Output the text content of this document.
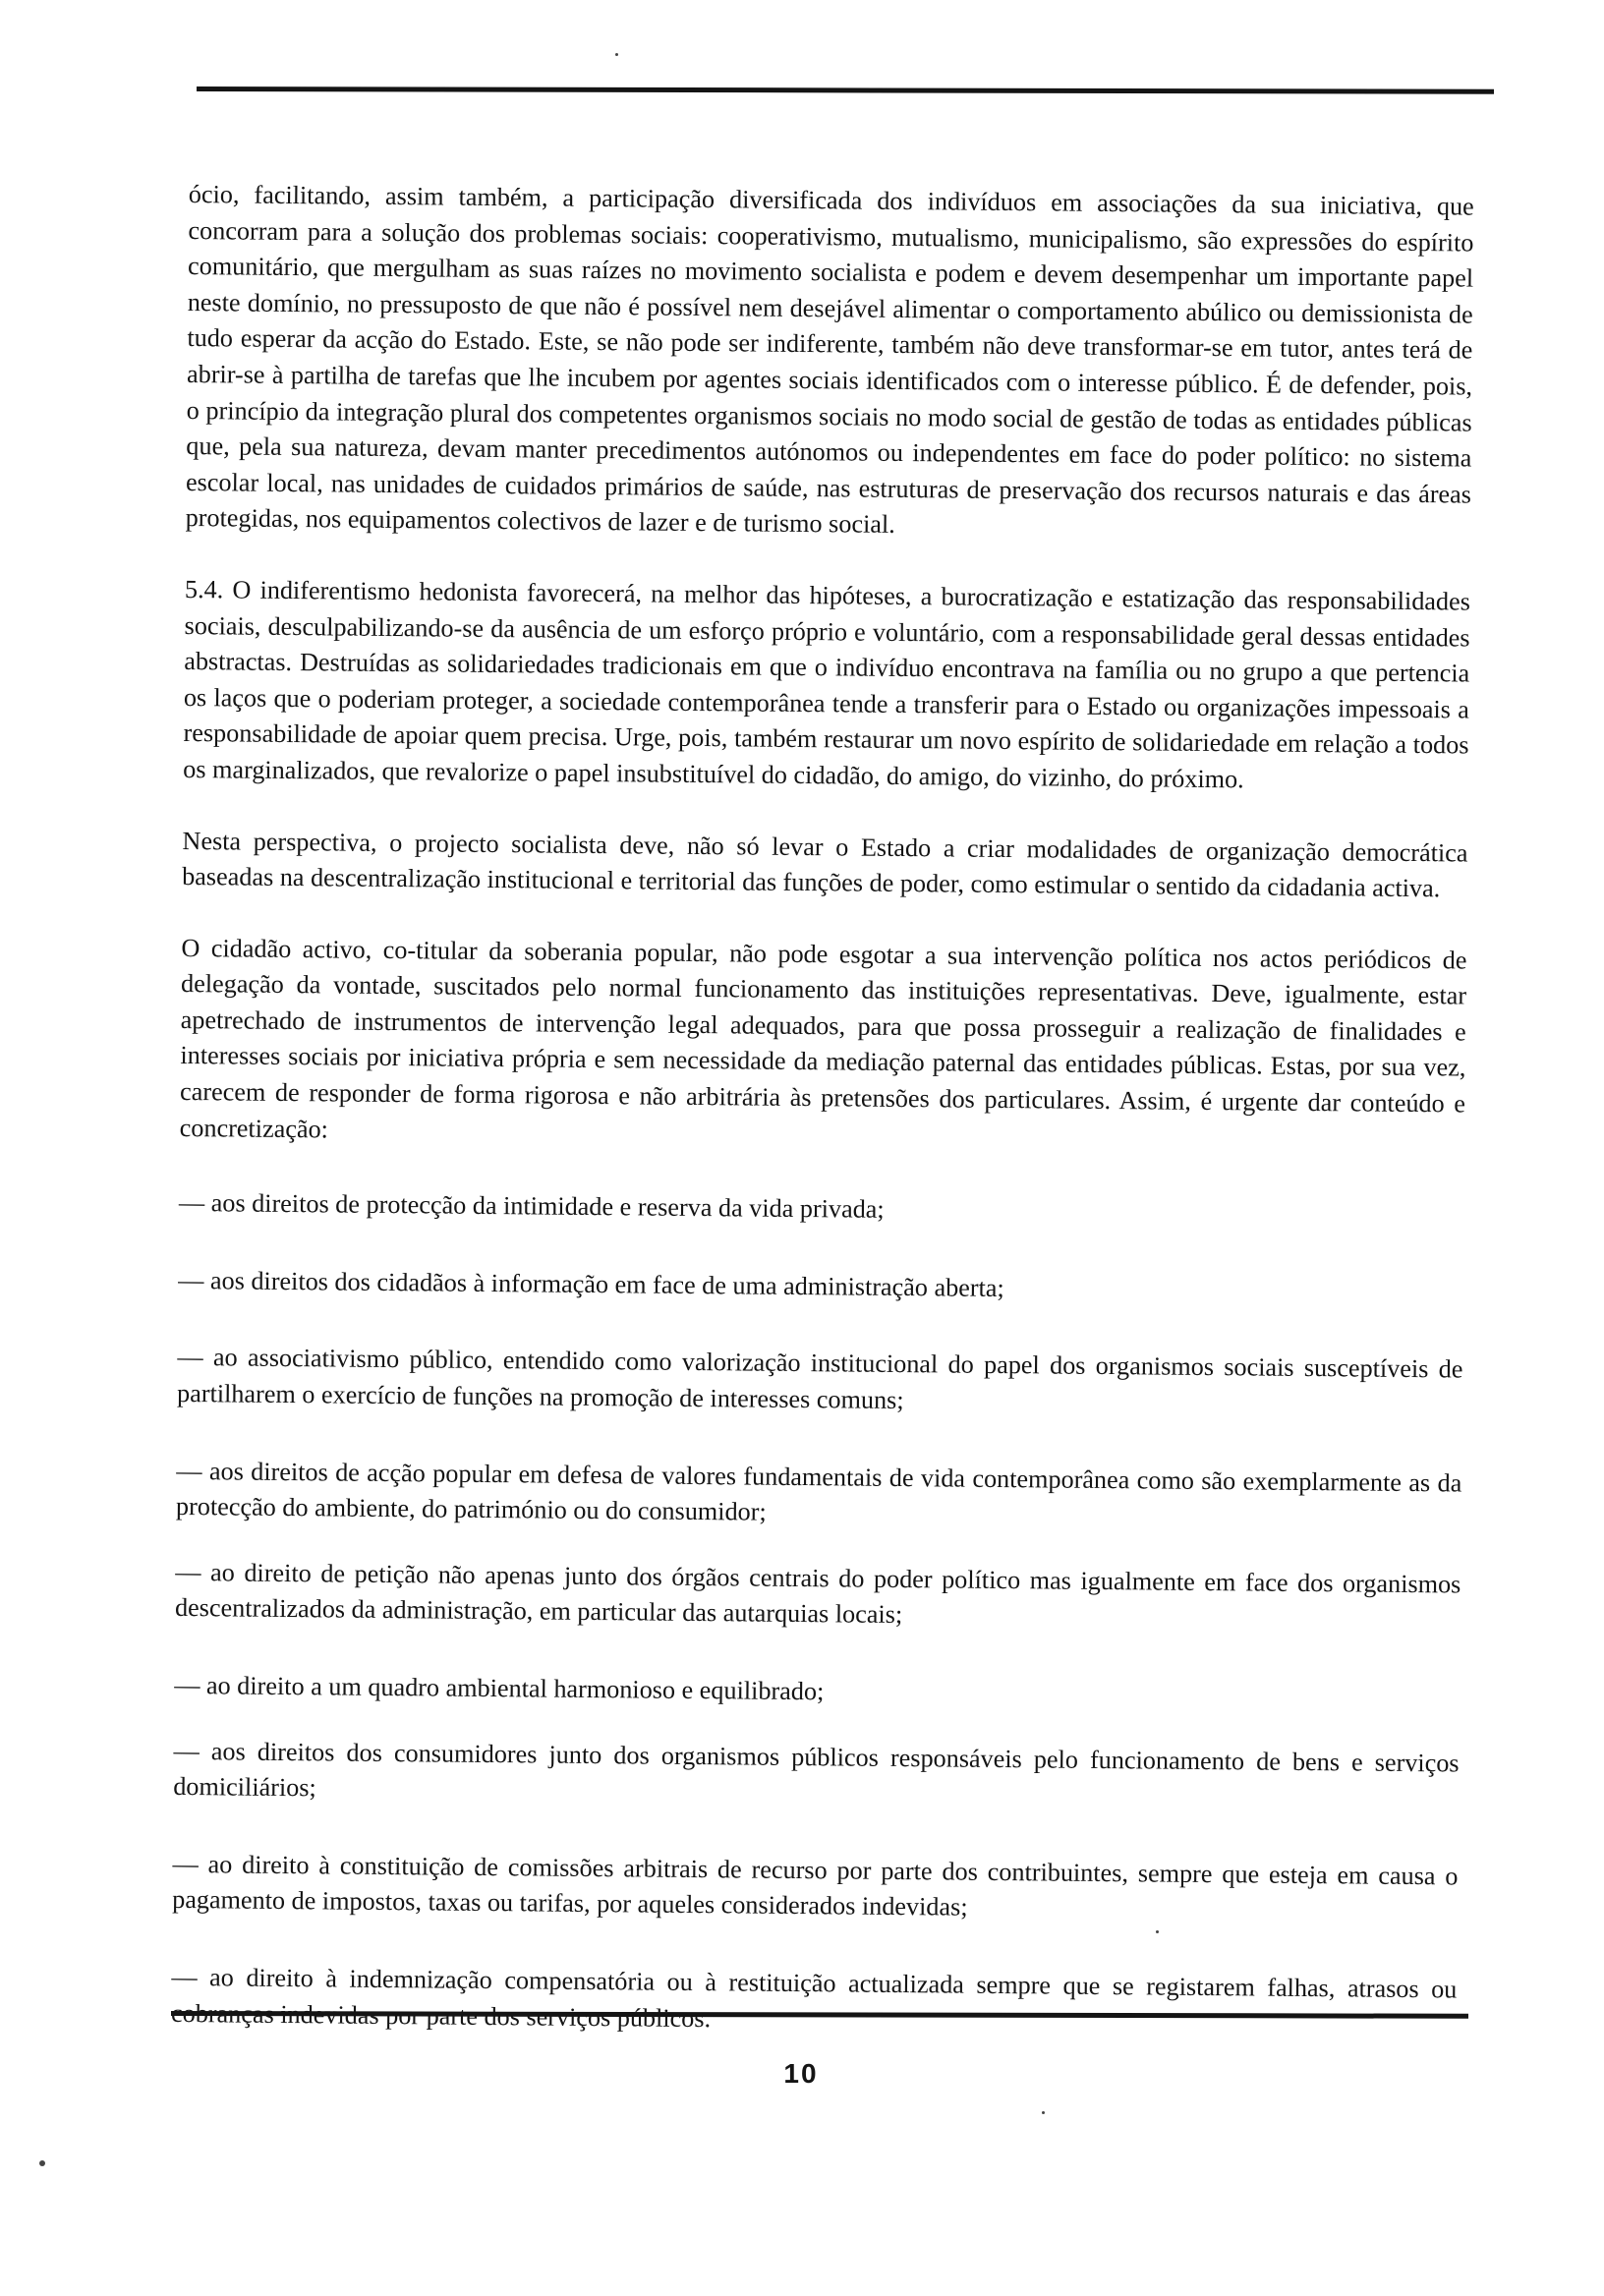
ócio, facilitando, assim também, a participação diversificada dos indivíduos em associações da sua iniciativa, que concorram para a solução dos problemas sociais: cooperativismo, mutualismo, municipalismo, são expressões do espírito comunitário, que mergulham as suas raízes no movimento socialista e podem e devem desempenhar um importante papel neste domínio, no pressuposto de que não é possível nem desejável alimentar o comportamento abúlico ou demissionista de tudo esperar da acção do Estado. Este, se não pode ser indiferente, também não deve transformar-se em tutor, antes terá de abrir-se à partilha de tarefas que lhe incubem por agentes sociais identificados com o interesse público. É de defender, pois, o princípio da integração plural dos competentes organismos sociais no modo social de gestão de todas as entidades públicas que, pela sua natureza, devam manter precedimentos autónomos ou independentes em face do poder político: no sistema escolar local, nas unidades de cuidados primários de saúde, nas estruturas de preservação dos recursos naturais e das áreas protegidas, nos equipamentos colectivos de lazer e de turismo social.

5.4. O indiferentismo hedonista favorecerá, na melhor das hipóteses, a burocratização e estatização das responsabilidades sociais, desculpabilizando-se da ausência de um esforço próprio e voluntário, com a responsabilidade geral dessas entidades abstractas. Destruídas as solidariedades tradicionais em que o indivíduo encontrava na família ou no grupo a que pertencia os laços que o poderiam proteger, a sociedade contemporânea tende a transferir para o Estado ou organizações impessoais a responsabilidade de apoiar quem precisa. Urge, pois, também restaurar um novo espírito de solidariedade em relação a todos os marginalizados, que revalorize o papel insubstituível do cidadão, do amigo, do vizinho, do próximo.

Nesta perspectiva, o projecto socialista deve, não só levar o Estado a criar modalidades de organização democrática baseadas na descentralização institucional e territorial das funções de poder, como estimular o sentido da cidadania activa.

O cidadão activo, co-titular da soberania popular, não pode esgotar a sua intervenção política nos actos periódicos de delegação da vontade, suscitados pelo normal funcionamento das instituições representativas. Deve, igualmente, estar apetrechado de instrumentos de intervenção legal adequados, para que possa prosseguir a realização de finalidades e interesses sociais por iniciativa própria e sem necessidade da mediação paternal das entidades públicas. Estas, por sua vez, carecem de responder de forma rigorosa e não arbitrária às pretensões dos particulares. Assim, é urgente dar conteúdo e concretização:

— aos direitos de protecção da intimidade e reserva da vida privada;

— aos direitos dos cidadãos à informação em face de uma administração aberta;

— ao associativismo público, entendido como valorização institucional do papel dos organismos sociais susceptíveis de partilharem o exercício de funções na promoção de interesses comuns;

— aos direitos de acção popular em defesa de valores fundamentais de vida contemporânea como são exemplarmente as da protecção do ambiente, do património ou do consumidor;

— ao direito de petição não apenas junto dos órgãos centrais do poder político mas igualmente em face dos organismos descentralizados da administração, em particular das autarquias locais;

— ao direito a um quadro ambiental harmonioso e equilibrado;

— aos direitos dos consumidores junto dos organismos públicos responsáveis pelo funcionamento de bens e serviços domiciliários;

— ao direito à constituição de comissões arbitrais de recurso por parte dos contribuintes, sempre que esteja em causa o pagamento de impostos, taxas ou tarifas, por aqueles considerados indevidas;

— ao direito à indemnização compensatória ou à restituição actualizada sempre que se registarem falhas, atrasos ou cobranças públicos.

10
